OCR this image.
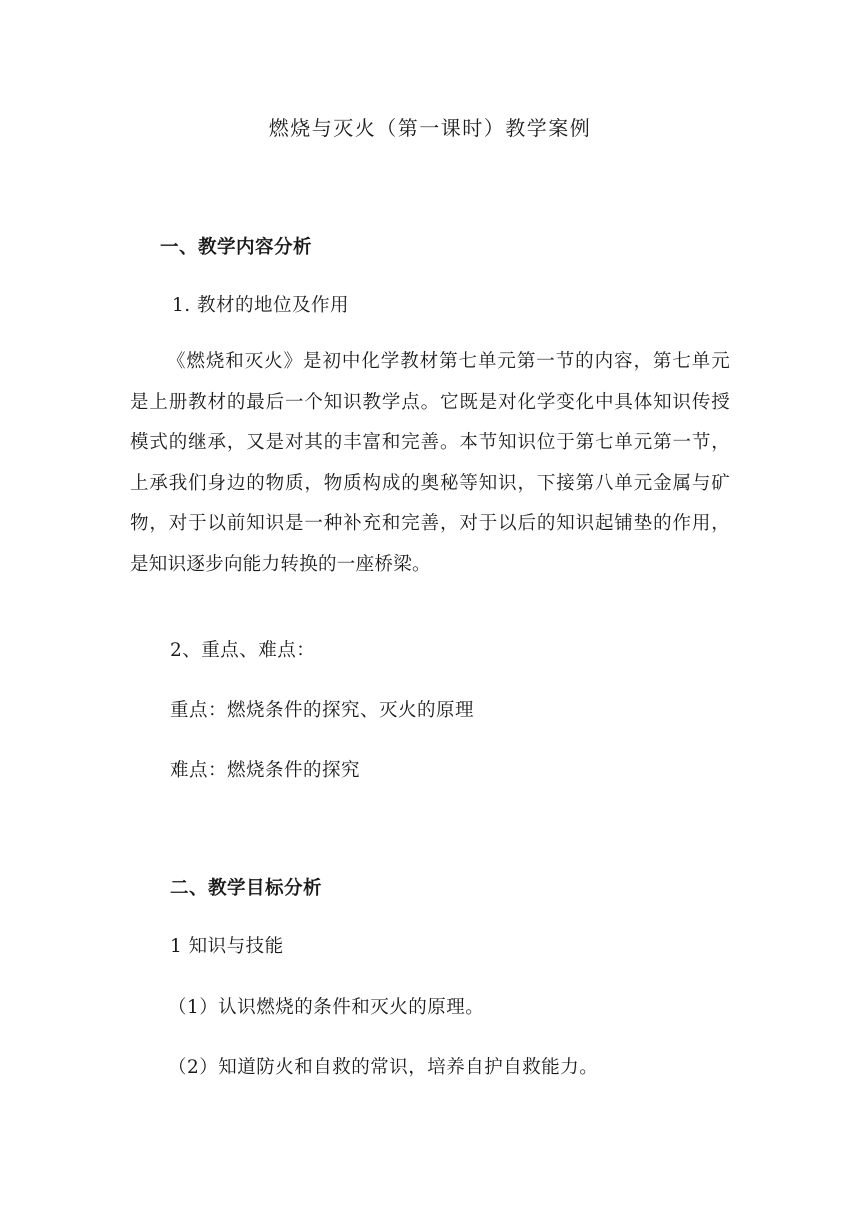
燃烧与灭火（第一课时）教学案例
一、教学内容分析
1. 教材的地位及作用
《燃烧和灭火》是初中化学教材第七单元第一节的内容，第七单元是上册教材的最后一个知识教学点。它既是对化学变化中具体知识传授模式的继承，又是对其的丰富和完善。本节知识位于第七单元第一节，上承我们身边的物质，物质构成的奥秘等知识，下接第八单元金属与矿物，对于以前知识是一种补充和完善，对于以后的知识起铺垫的作用，是知识逐步向能力转换的一座桥梁。
2、重点、难点：
重点：燃烧条件的探究、灭火的原理
难点：燃烧条件的探究
二、教学目标分析
1 知识与技能
（1）认识燃烧的条件和灭火的原理。
（2）知道防火和自救的常识，培养自护自救能力。
